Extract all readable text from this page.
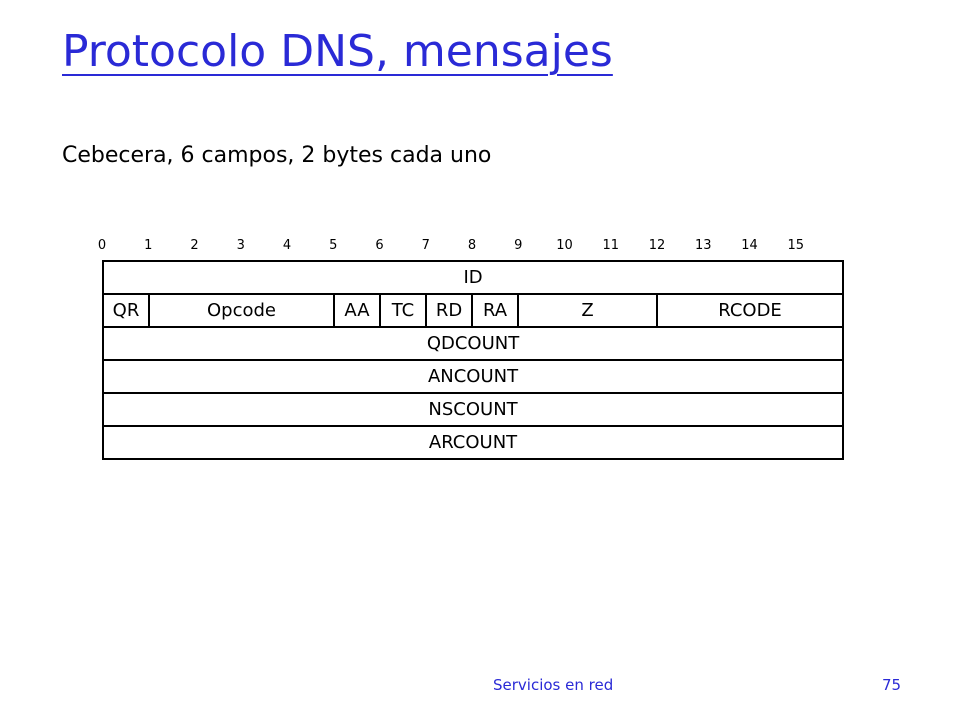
Protocolo DNS, mensajes
Cebecera, 6 campos, 2 bytes cada uno
0	1	2	3	4	5	6	7	8	9	10	11	12	13	14	15
ID
QR	Opcode	AA	TC	RD	RA	Z	RCODE
QDCOUNT
ANCOUNT
NSCOUNT
ARCOUNT
Servicios en red	75
